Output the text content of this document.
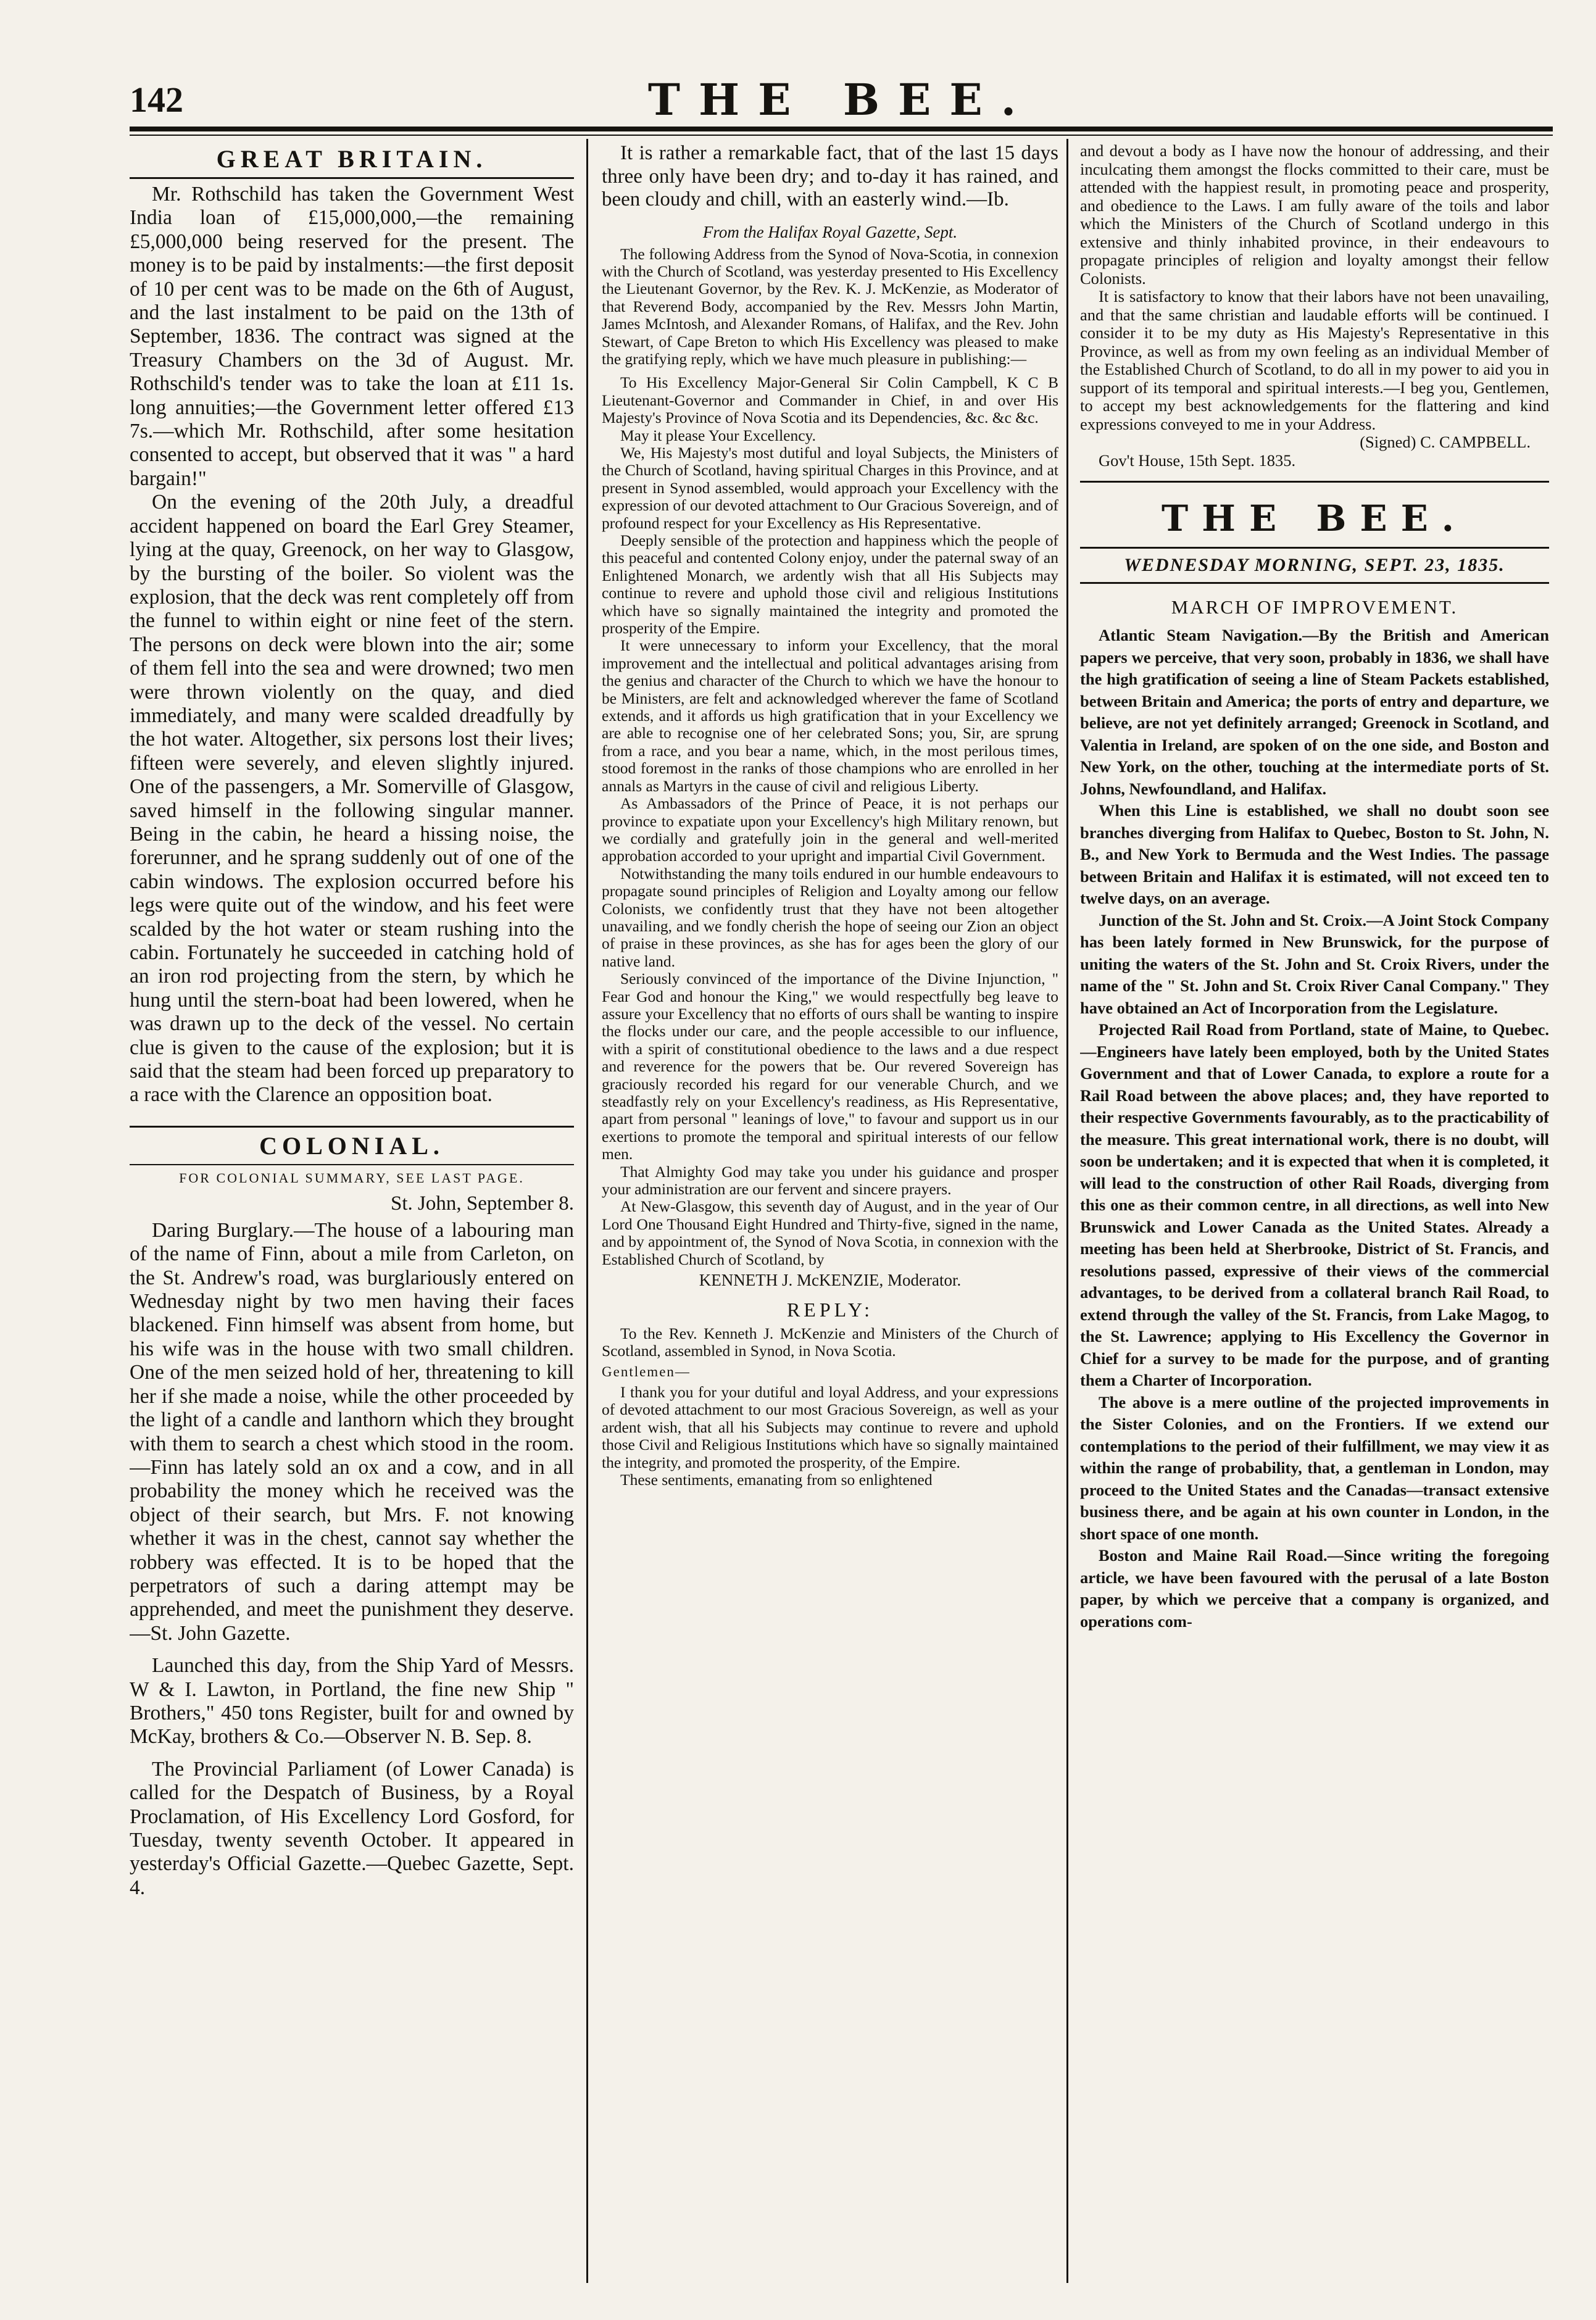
142	THE BEE.
GREAT BRITAIN.

Mr. Rothschild has taken the Government West India loan of £15,000,000,—the remaining £5,000,000 being reserved for the present. The money is to be paid by instalments:—the first deposit of 10 per cent was to be made on the 6th of August, and the last instalment to be paid on the 13th of September, 1836. The contract was signed at the Treasury Chambers on the 3d of August. Mr. Rothschild's tender was to take the loan at £11 1s. long annuities;—the Government letter offered £13 7s.—which Mr. Rothschild, after some hesitation consented to accept, but observed that it was " a hard bargain!"

On the evening of the 20th July, a dreadful accident happened on board the Earl Grey Steamer, lying at the quay, Greenock, on her way to Glasgow, by the bursting of the boiler. So violent was the explosion, that the deck was rent completely off from the funnel to within eight or nine feet of the stern. The persons on deck were blown into the air; some of them fell into the sea and were drowned; two men were thrown violently on the quay, and died immediately, and many were scalded dreadfully by the hot water. Altogether, six persons lost their lives; fifteen were severely, and eleven slightly injured. One of the passengers, a Mr. Somerville of Glasgow, saved himself in the following singular manner. Being in the cabin, he heard a hissing noise, the forerunner, and he sprang suddenly out of one of the cabin windows. The explosion occurred before his legs were quite out of the window, and his feet were scalded by the hot water or steam rushing into the cabin. Fortunately he succeeded in catching hold of an iron rod projecting from the stern, by which he hung until the stern-boat had been lowered, when he was drawn up to the deck of the vessel. No certain clue is given to the cause of the explosion; but it is said that the steam had been forced up preparatory to a race with the Clarence an opposition boat.

COLONIAL.
FOR COLONIAL SUMMARY, SEE LAST PAGE.
St. John, September 8.

Daring Burglary.—The house of a labouring man of the name of Finn, about a mile from Carleton, on the St. Andrew's road, was burglariously entered on Wednesday night by two men having their faces blackened. Finn himself was absent from home, but his wife was in the house with two small children. One of the men seized hold of her, threatening to kill her if she made a noise, while the other proceeded by the light of a candle and lanthorn which they brought with them to search a chest which stood in the room.—Finn has lately sold an ox and a cow, and in all probability the money which he received was the object of their search, but Mrs. F. not knowing whether it was in the chest, cannot say whether the robbery was effected. It is to be hoped that the perpetrators of such a daring attempt may be apprehended, and meet the punishment they deserve.—St. John Gazette.

Launched this day, from the Ship Yard of Messrs. W & I. Lawton, in Portland, the fine new Ship " Brothers," 450 tons Register, built for and owned by McKay, brothers & Co.—Observer N. B. Sep. 8.

The Provincial Parliament (of Lower Canada) is called for the Despatch of Business, by a Royal Proclamation, of His Excellency Lord Gosford, for Tuesday, twenty seventh October. It appeared in yesterday's Official Gazette.—Quebec Gazette, Sept. 4.

It is rather a remarkable fact, that of the last 15 days three only have been dry; and to-day it has rained, and been cloudy and chill, with an easterly wind.—Ib.

From the Halifax Royal Gazette, Sept.

The following Address from the Synod of Nova-Scotia, in connexion with the Church of Scotland, was yesterday presented to His Excellency the Lieutenant Governor, by the Rev. K. J. McKenzie, as Moderator of that Reverend Body, accompanied by the Rev. Messrs John Martin, James McIntosh, and Alexander Romans, of Halifax, and the Rev. John Stewart, of Cape Breton to which His Excellency was pleased to make the gratifying reply, which we have much pleasure in publishing:—

To His Excellency Major-General Sir Colin Campbell, K C B Lieutenant-Governor and Commander in Chief, in and over His Majesty's Province of Nova Scotia and its Dependencies, &c. &c &c.

May it please Your Excellency.

We, His Majesty's most dutiful and loyal Subjects, the Ministers of the Church of Scotland, having spiritual Charges in this Province, and at present in Synod assembled, would approach your Excellency with the expression of our devoted attachment to Our Gracious Sovereign, and of profound respect for your Excellency as His Representative.

Deeply sensible of the protection and happiness which the people of this peaceful and contented Colony enjoy, under the paternal sway of an Enlightened Monarch, we ardently wish that all His Subjects may continue to revere and uphold those civil and religious Institutions which have so signally maintained the integrity and promoted the prosperity of the Empire.

It were unnecessary to inform your Excellency, that the moral improvement and the intellectual and political advantages arising from the genius and character of the Church to which we have the honour to be Ministers, are felt and acknowledged wherever the fame of Scotland extends, and it affords us high gratification that in your Excellency we are able to recognise one of her celebrated Sons; you, Sir, are sprung from a race, and you bear a name, which, in the most perilous times, stood foremost in the ranks of those champions who are enrolled in her annals as Martyrs in the cause of civil and religious Liberty.

As Ambassadors of the Prince of Peace, it is not perhaps our province to expatiate upon your Excellency's high Military renown, but we cordially and gratefully join in the general and well-merited approbation accorded to your upright and impartial Civil Government.

Notwithstanding the many toils endured in our humble endeavours to propagate sound principles of Religion and Loyalty among our fellow Colonists, we confidently trust that they have not been altogether unavailing, and we fondly cherish the hope of seeing our Zion an object of praise in these provinces, as she has for ages been the glory of our native land.

Seriously convinced of the importance of the Divine Injunction, " Fear God and honour the King," we would respectfully beg leave to assure your Excellency that no efforts of ours shall be wanting to inspire the flocks under our care, and the people accessible to our influence, with a spirit of constitutional obedience to the laws and a due respect and reverence for the powers that be. Our revered Sovereign has graciously recorded his regard for our venerable Church, and we steadfastly rely on your Excellency's readiness, as His Representative, apart from personal " leanings of love," to favour and support us in our exertions to promote the temporal and spiritual interests of our fellow men.

That Almighty God may take you under his guidance and prosper your administration are our fervent and sincere prayers.

At New-Glasgow, this seventh day of August, and in the year of Our Lord One Thousand Eight Hundred and Thirty-five, signed in the name, and by appointment of, the Synod of Nova Scotia, in connexion with the Established Church of Scotland, by

KENNETH J. McKENZIE, Moderator.
REPLY:

To the Rev. Kenneth J. McKenzie and Ministers of the Church of Scotland, assembled in Synod, in Nova Scotia.

Gentlemen—

I thank you for your dutiful and loyal Address, and your expressions of devoted attachment to our most Gracious Sovereign, as well as your ardent wish, that all his Subjects may continue to revere and uphold those Civil and Religious Institutions which have so signally maintained the integrity, and promoted the prosperity, of the Empire.

These sentiments, emanating from so enlightened

and devout a body as I have now the honour of addressing, and their inculcating them amongst the flocks committed to their care, must be attended with the happiest result, in promoting peace and prosperity, and obedience to the Laws. I am fully aware of the toils and labor which the Ministers of the Church of Scotland undergo in this extensive and thinly inhabited province, in their endeavours to propagate principles of religion and loyalty amongst their fellow Colonists.

It is satisfactory to know that their labors have not been unavailing, and that the same christian and laudable efforts will be continued. I consider it to be my duty as His Majesty's Representative in this Province, as well as from my own feeling as an individual Member of the Established Church of Scotland, to do all in my power to aid you in support of its temporal and spiritual interests.—I beg you, Gentlemen, to accept my best acknowledgements for the flattering and kind expressions conveyed to me in your Address.

(Signed) C. CAMPBELL.
Gov't House, 15th Sept. 1835.
THE BEE.
WEDNESDAY MORNING, SEPT. 23, 1835.
MARCH OF IMPROVEMENT.

Atlantic Steam Navigation.—By the British and American papers we perceive, that very soon, probably in 1836, we shall have the high gratification of seeing a line of Steam Packets established, between Britain and America; the ports of entry and departure, we believe, are not yet definitely arranged; Greenock in Scotland, and Valentia in Ireland, are spoken of on the one side, and Boston and New York, on the other, touching at the intermediate ports of St. Johns, Newfoundland, and Halifax.

When this Line is established, we shall no doubt soon see branches diverging from Halifax to Quebec, Boston to St. John, N. B., and New York to Bermuda and the West Indies. The passage between Britain and Halifax it is estimated, will not exceed ten to twelve days, on an average.

Junction of the St. John and St. Croix.—A Joint Stock Company has been lately formed in New Brunswick, for the purpose of uniting the waters of the St. John and St. Croix Rivers, under the name of the " St. John and St. Croix River Canal Company." They have obtained an Act of Incorporation from the Legislature.

Projected Rail Road from Portland, state of Maine, to Quebec.—Engineers have lately been employed, both by the United States Government and that of Lower Canada, to explore a route for a Rail Road between the above places; and, they have reported to their respective Governments favourably, as to the practicability of the measure. This great international work, there is no doubt, will soon be undertaken; and it is expected that when it is completed, it will lead to the construction of other Rail Roads, diverging from this one as their common centre, in all directions, as well into New Brunswick and Lower Canada as the United States. Already a meeting has been held at Sherbrooke, District of St. Francis, and resolutions passed, expressive of their views of the commercial advantages, to be derived from a collateral branch Rail Road, to extend through the valley of the St. Francis, from Lake Magog, to the St. Lawrence; applying to His Excellency the Governor in Chief for a survey to be made for the purpose, and of granting them a Charter of Incorporation.

The above is a mere outline of the projected improvements in the Sister Colonies, and on the Frontiers. If we extend our contemplations to the period of their fulfillment, we may view it as within the range of probability, that, a gentleman in London, may proceed to the United States and the Canadas—transact extensive business there, and be again at his own counter in London, in the short space of one month.

Boston and Maine Rail Road.—Since writing the foregoing article, we have been favoured with the perusal of a late Boston paper, by which we perceive that a company is organized, and operations com-
